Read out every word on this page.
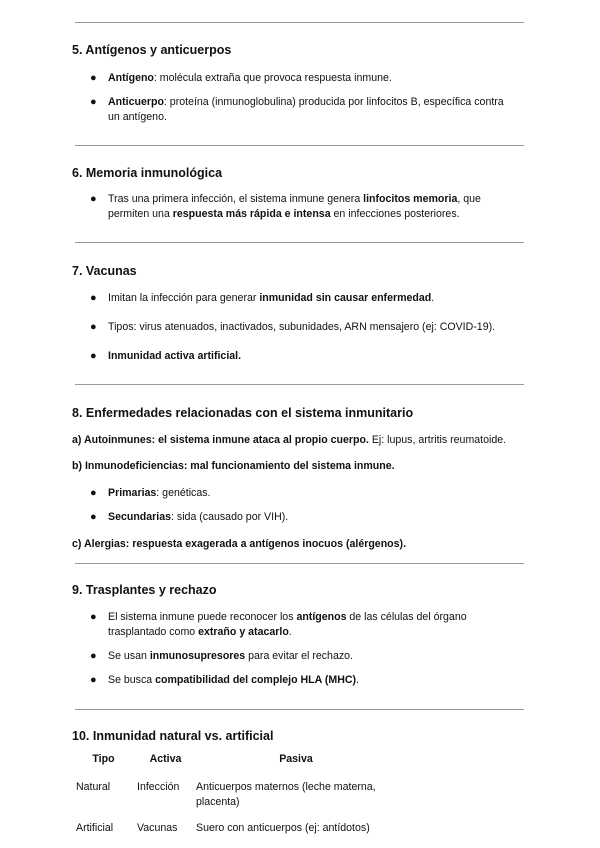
5. Antígenos y anticuerpos

● Antígeno: molécula extraña que provoca respuesta inmune.

● Anticuerpo: proteína (inmunoglobulina) producida por linfocitos B, específica contra
un antígeno.

6. Memoria inmunológica

● Tras una primera infección, el sistema inmune genera linfocitos memoria, que
permiten una respuesta más rápida e intensa en infecciones posteriores.

7. Vacunas

● Imitan la infección para generar inmunidad sin causar enfermedad.

● Tipos: virus atenuados, inactivados, subunidades, ARN mensajero (ej: COVID-19).

● Inmunidad activa artificial.

8. Enfermedades relacionadas con el sistema inmunitario

a) Autoinmunes: el sistema inmune ataca al propio cuerpo. Ej: lupus, artritis reumatoide.

b) Inmunodeficiencias: mal funcionamiento del sistema inmune.

● Primarias: genéticas.

● Secundarias: sida (causado por VIH).

c) Alergias: respuesta exagerada a antígenos inocuos (alérgenos).

9. Trasplantes y rechazo

● El sistema inmune puede reconocer los antígenos de las células del órgano
trasplantado como extraño y atacarlo.

● Se usan inmunosupresores para evitar el rechazo.

● Se busca compatibilidad del complejo HLA (MHC).

10. Inmunidad natural vs. artificial
Tipo	Activa	Pasiva
Natural	Infección	Anticuerpos maternos (leche materna,
placenta)
Artificial	Vacunas	Suero con anticuerpos (ej: antídotos)
